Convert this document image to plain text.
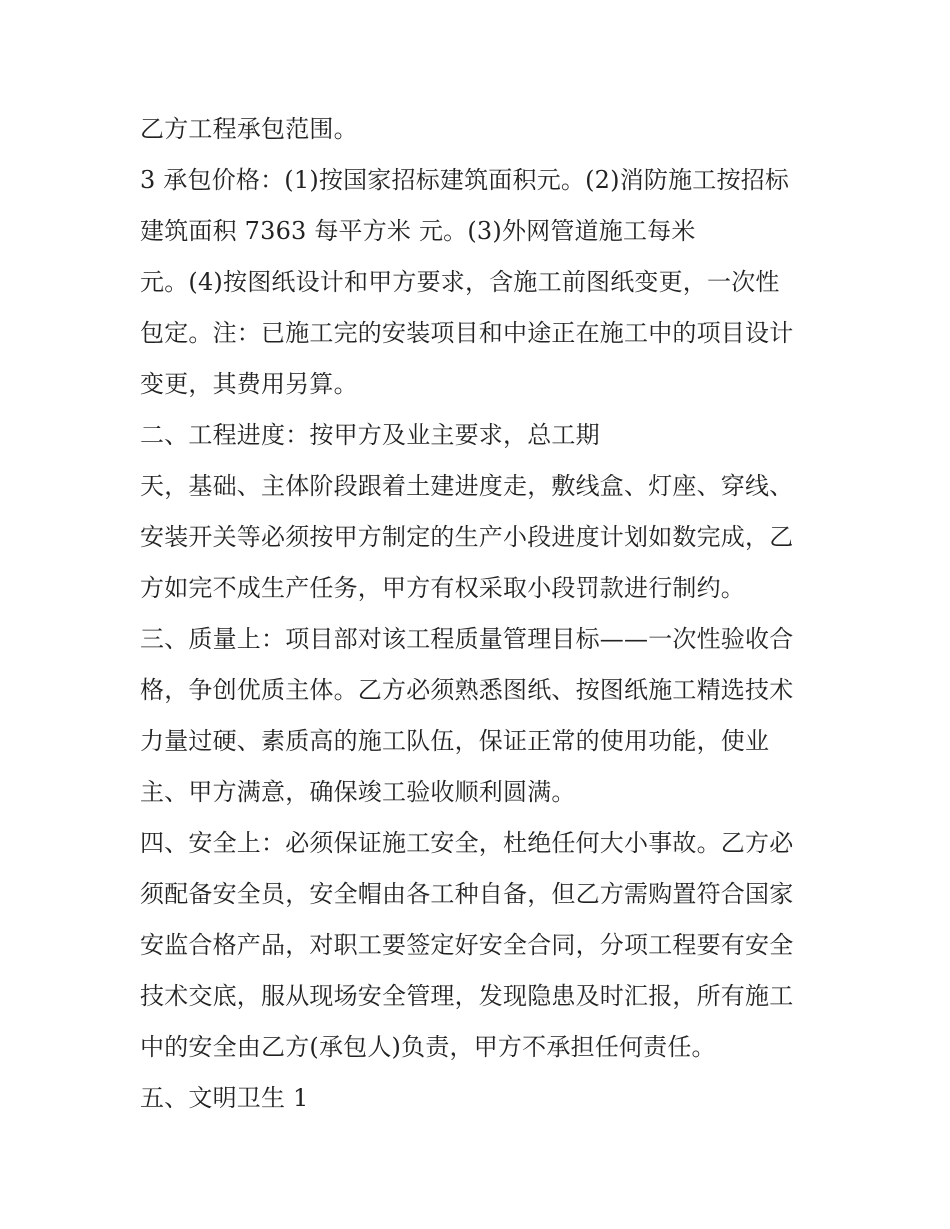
乙方工程承包范围。
3 承包价格：(1)按国家招标建筑面积元。(2)消防施工按招标
建筑面积 7363 每平方米 元。(3)外网管道施工每米
元。(4)按图纸设计和甲方要求，含施工前图纸变更，一次性
包定。注：已施工完的安装项目和中途正在施工中的项目设计
变更，其费用另算。
二、工程进度：按甲方及业主要求，总工期
天，基础、主体阶段跟着土建进度走，敷线盒、灯座、穿线、
安装开关等必须按甲方制定的生产小段进度计划如数完成，乙
方如完不成生产任务，甲方有权采取小段罚款进行制约。
三、质量上：项目部对该工程质量管理目标——一次性验收合
格，争创优质主体。乙方必须熟悉图纸、按图纸施工精选技术
力量过硬、素质高的施工队伍，保证正常的使用功能，使业
主、甲方满意，确保竣工验收顺利圆满。
四、安全上：必须保证施工安全，杜绝任何大小事故。乙方必
须配备安全员，安全帽由各工种自备，但乙方需购置符合国家
安监合格产品，对职工要签定好安全合同，分项工程要有安全
技术交底，服从现场安全管理，发现隐患及时汇报，所有施工
中的安全由乙方(承包人)负责，甲方不承担任何责任。
五、文明卫生 1
